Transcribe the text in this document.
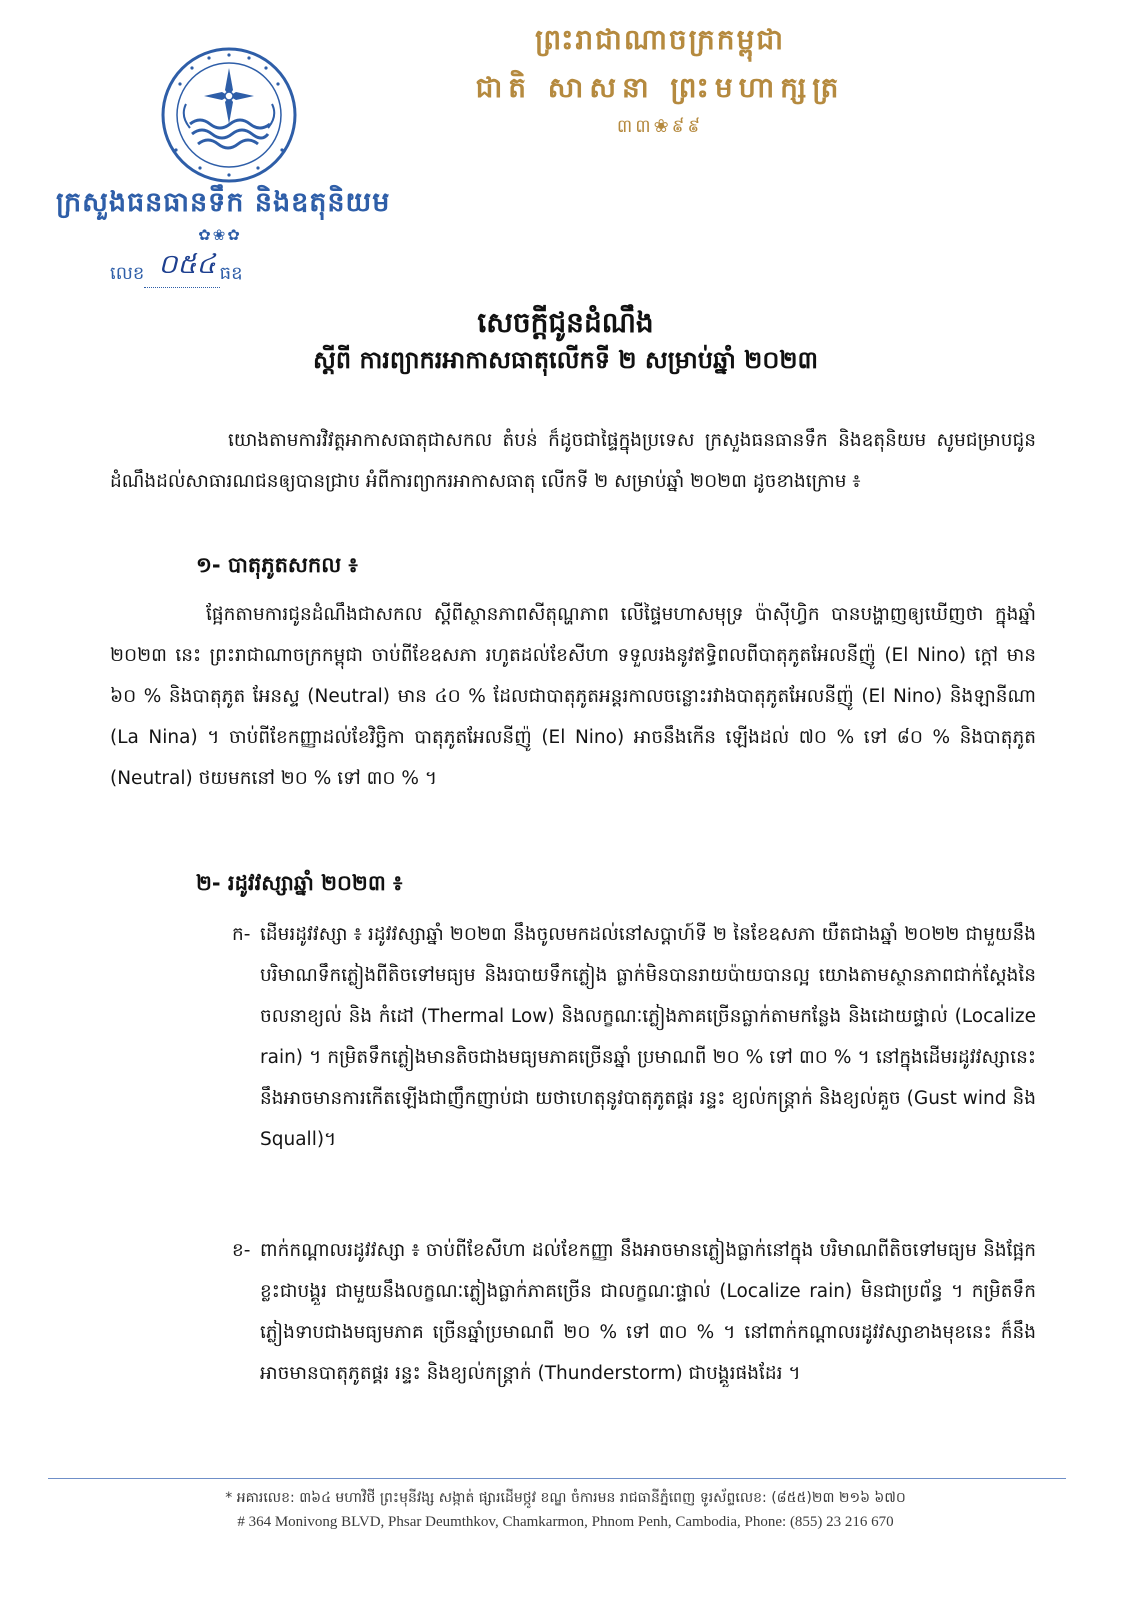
ក្រសួងធនធានទឹក និងឧតុនិយម
✿❀✿
លេខ ០៥៤ ធឧ
ព្រះរាជាណាចក្រកម្ពុជា
ជាតិ សាសនា ព្រះមហាក្សត្រ
៣៣❀៩៩
សេចក្ដីជូនដំណឹង
ស្ដីពី ការព្យាករអាកាសធាតុលើកទី ២ សម្រាប់ឆ្នាំ ២០២៣
យោងតាមការវិវត្តអាកាសធាតុជាសកល តំបន់ ក៏ដូចជាផ្ទៃក្នុងប្រទេស ក្រសួងធនធានទឹក និងឧតុនិយម សូមជម្រាបជូនដំណឹងដល់សាធារណជនឲ្យបានជ្រាប អំពីការព្យាករអាកាសធាតុ លើកទី ២ សម្រាប់ឆ្នាំ ២០២៣ ដូចខាងក្រោម ៖
១- បាតុភូតសកល ៖
ផ្អែកតាមការជូនដំណឹងជាសកល ស្ដីពីស្ថានភាពសីតុណ្ហភាព លើផ្ទៃមហាសមុទ្រ ប៉ាស៊ីហ្វិក បានបង្ហាញឲ្យឃើញថា ក្នុងឆ្នាំ ២០២៣ នេះ ព្រះរាជាណាចក្រកម្ពុជា ចាប់ពីខែឧសភា រហូតដល់ខែសីហា ទទួលរងនូវឥទ្ធិពលពីបាតុភូតអែលនីញ៉ូ (El Nino) ក្ដៅ មាន ៦០ % និងបាតុភូត អែនស្ទ (Neutral) មាន ៤០ % ដែលជាបាតុភូតអន្តរកាលចន្លោះរវាងបាតុភូតអែលនីញ៉ូ (El Nino) និងឡានីណា (La Nina) ។ ចាប់ពីខែកញ្ញាដល់ខែវិច្ឆិកា បាតុភូតអែលនីញ៉ូ (El Nino) អាចនឹងកើន ឡើងដល់ ៧០ % ទៅ ៨០ % និងបាតុភូត (Neutral) ថយមកនៅ ២០ % ទៅ ៣០ % ។
២- រដូវវស្សាឆ្នាំ ២០២៣ ៖
ក- ដើមរដូវវស្សា ៖ រដូវវស្សាឆ្នាំ ២០២៣ នឹងចូលមកដល់នៅសប្ដាហ៍ទី ២ នៃខែឧសភា យឺតជាងឆ្នាំ ២០២២ ជាមួយនឹងបរិមាណទឹកភ្លៀងពីតិចទៅមធ្យម និងរបាយទឹកភ្លៀង ធ្លាក់មិនបានរាយប៉ាយបានល្អ យោងតាមស្ថានភាពជាក់ស្ដែងនៃចលនាខ្យល់ និង កំដៅ (Thermal Low) និងលក្ខណៈភ្លៀងភាគច្រើនធ្លាក់តាមកន្លែង និងដោយផ្ទាល់ (Localize rain) ។ កម្រិតទឹកភ្លៀងមានតិចជាងមធ្យមភាគច្រើនឆ្នាំ ប្រមាណពី ២០ % ទៅ ៣០ % ។ នៅក្នុងដើមរដូវវស្សានេះ នឹងអាចមានការកើតឡើងជាញឹកញាប់ជា យថាហេតុនូវបាតុភូតផ្គរ រន្ទះ ខ្យល់កន្ត្រាក់ និងខ្យល់គួច (Gust wind និង Squall)។
ខ- ពាក់កណ្ដាលរដូវវស្សា ៖ ចាប់ពីខែសីហា ដល់ខែកញ្ញា នឹងអាចមានភ្លៀងធ្លាក់នៅក្នុង បរិមាណពីតិចទៅមធ្យម និងផ្អែកខ្លះជាបង្គួរ ជាមួយនឹងលក្ខណៈភ្លៀងធ្លាក់ភាគច្រើន ជាលក្ខណៈផ្ទាល់ (Localize rain) មិនជាប្រព័ន្ធ ។ កម្រិតទឹកភ្លៀងទាបជាងមធ្យមភាគ ច្រើនឆ្នាំប្រមាណពី ២០ % ទៅ ៣០ % ។ នៅពាក់កណ្ដាលរដូវវស្សាខាងមុខនេះ ក៏នឹងអាចមានបាតុភូតផ្គរ រន្ទះ និងខ្យល់កន្ត្រាក់ (Thunderstorm) ជាបង្គួរផងដែរ ។
* អគារលេខ: ៣៦៤ មហាវិថី ព្រះមុនីវង្ស សង្កាត់ ផ្សារដើមថ្កូវ ខណ្ឌ ចំការមន រាជធានីភ្នំពេញ ទូរស័ព្ទលេខ: (៨៥៥)២៣ ២១៦ ៦៧០
# 364 Monivong BLVD, Phsar Deumthkov, Chamkarmon, Phnom Penh, Cambodia, Phone: (855) 23 216 670
